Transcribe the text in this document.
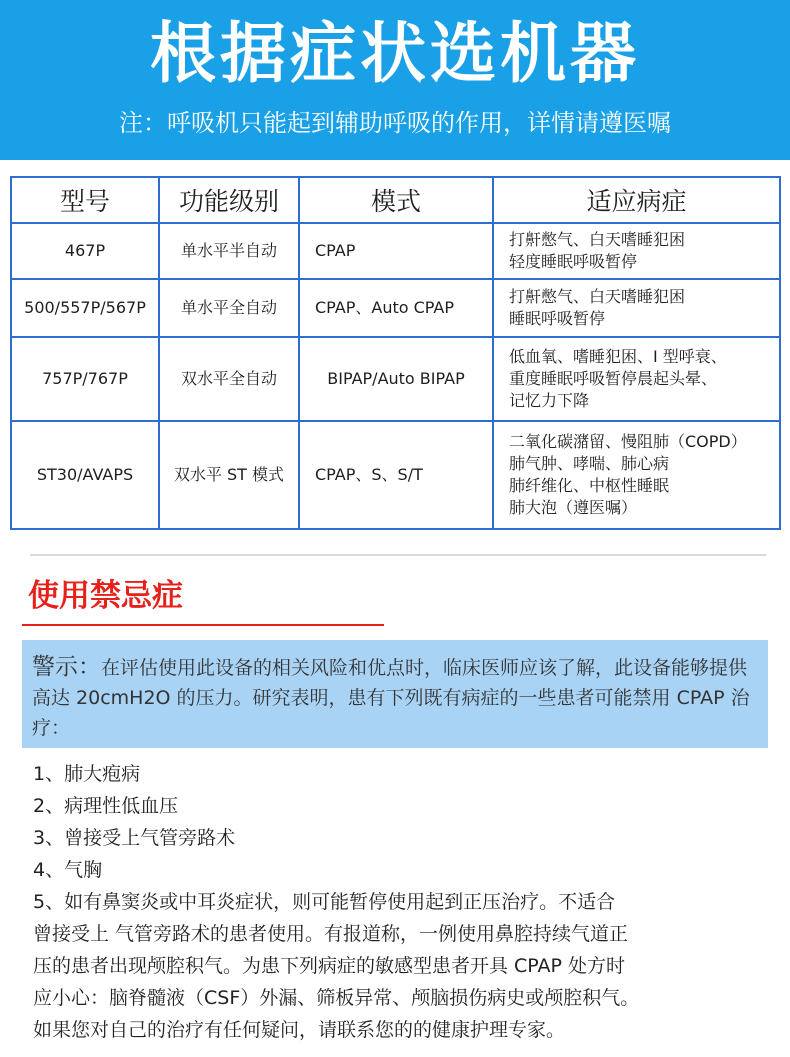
根据症状选机器
注：呼吸机只能起到辅助呼吸的作用，详情请遵医嘱
型号	功能级别	模式	适应病症
467P	单水平半自动	CPAP	打鼾憋气、白天嗜睡犯困
轻度睡眠呼吸暂停

500/557P/567P	单水平全自动	CPAP、Auto CPAP	打鼾憋气、白天嗜睡犯困
睡眠呼吸暂停

757P/767P	双水平全自动	BIPAP/Auto BIPAP	低血氧、嗜睡犯困、I 型呼衰、
重度睡眠呼吸暂停晨起头晕、
记忆力下降

ST30/AVAPS	双水平 ST 模式	CPAP、S、S/T	二氧化碳潴留、慢阻肺（COPD）
肺气肿、哮喘、肺心病
肺纤维化、中枢性睡眠
肺大泡（遵医嘱）
使用禁忌症
警示：在评估使用此设备的相关风险和优点时，临床医师应该了解，此设备能够提供高达 20cmH2O 的压力。研究表明，患有下列既有病症的一些患者可能禁用 CPAP 治疗：
1、肺大疱病
2、病理性低血压
3、曾接受上气管旁路术
4、气胸
5、如有鼻窦炎或中耳炎症状，则可能暂停使用起到正压治疗。不适合
曾接受上 气管旁路术的患者使用。有报道称，一例使用鼻腔持续气道正
压的患者出现颅腔积气。为患下列病症的敏感型患者开具 CPAP 处方时
应小心：脑脊髓液（CSF）外漏、筛板异常、颅脑损伤病史或颅腔积气。
如果您对自己的治疗有任何疑问，请联系您的的健康护理专家。
